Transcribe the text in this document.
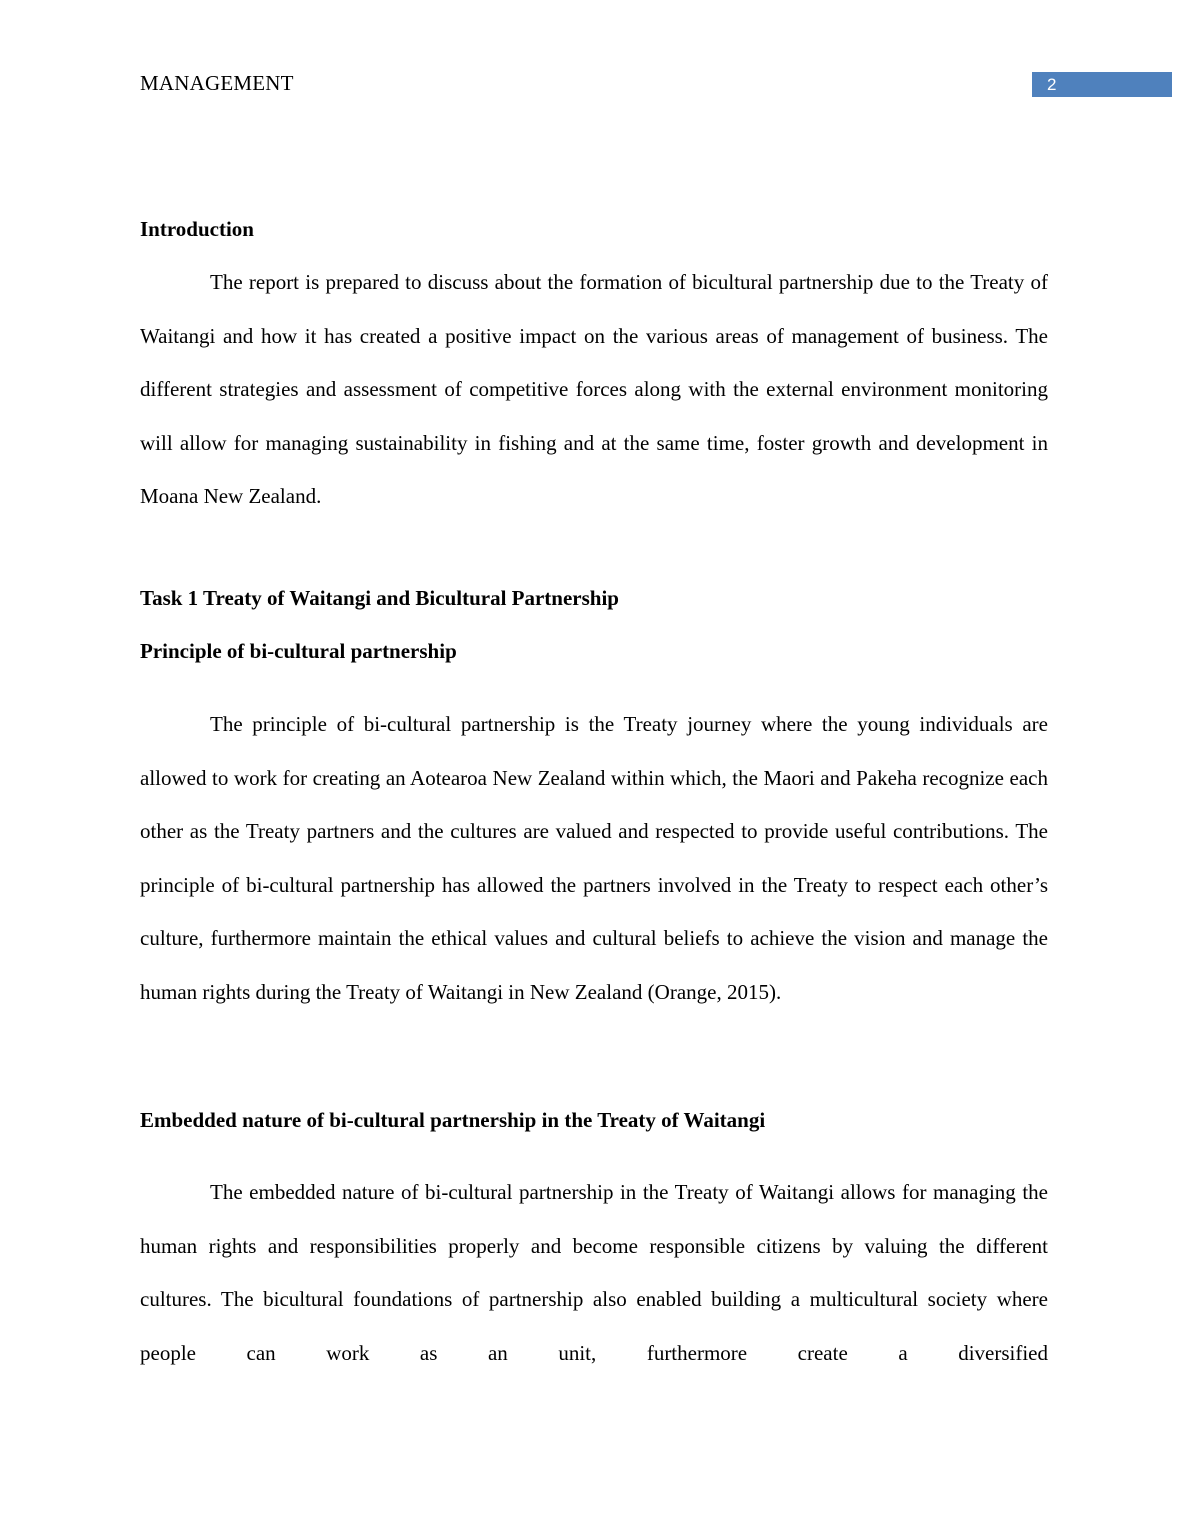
MANAGEMENT	2
Introduction

The report is prepared to discuss about the formation of bicultural partnership due to the Treaty of Waitangi and how it has created a positive impact on the various areas of management of business. The different strategies and assessment of competitive forces along with the external environment monitoring will allow for managing sustainability in fishing and at the same time, foster growth and development in Moana New Zealand.

Task 1 Treaty of Waitangi and Bicultural Partnership
Principle of bi-cultural partnership

The principle of bi-cultural partnership is the Treaty journey where the young individuals are allowed to work for creating an Aotearoa New Zealand within which, the Maori and Pakeha recognize each other as the Treaty partners and the cultures are valued and respected to provide useful contributions. The principle of bi-cultural partnership has allowed the partners involved in the Treaty to respect each other’s culture, furthermore maintain the ethical values and cultural beliefs to achieve the vision and manage the human rights during the Treaty of Waitangi in New Zealand (Orange, 2015).

Embedded nature of bi-cultural partnership in the Treaty of Waitangi

The embedded nature of bi-cultural partnership in the Treaty of Waitangi allows for managing the human rights and responsibilities properly and become responsible citizens by valuing the different cultures. The bicultural foundations of partnership also enabled building a multicultural society where people can work as an unit, furthermore create a diversified
